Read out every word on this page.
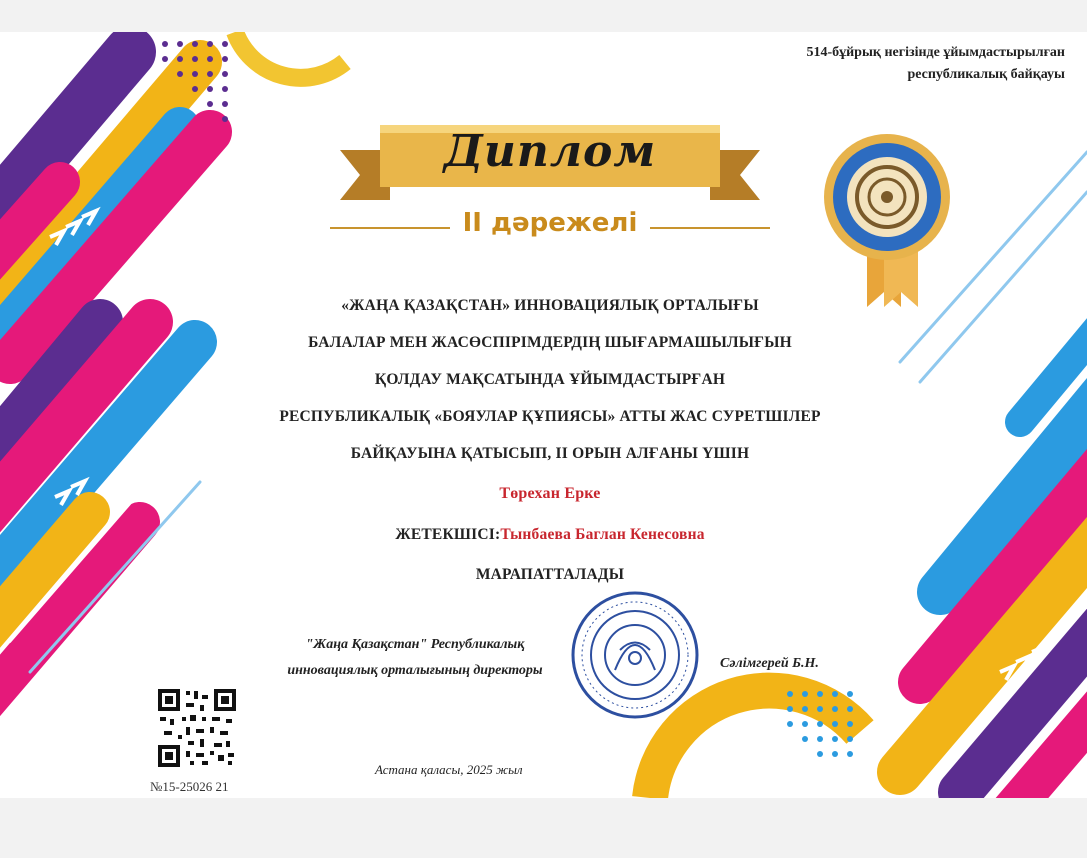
514-бұйрық негізінде ұйымдастырылған
республикалық байқауы
Диплом
ІІ дәрежелі
«ЖАҢА ҚАЗАҚСТАН» ИННОВАЦИЯЛЫҚ ОРТАЛЫҒЫ
БАЛАЛАР МЕН ЖАСӨСПІРІМДЕРДІҢ ШЫҒАРМАШЫЛЫҒЫН
ҚОЛДАУ МАҚСАТЫНДА ҰЙЫМДАСТЫРҒАН
РЕСПУБЛИКАЛЫҚ «БОЯУЛАР ҚҰПИЯСЫ» АТТЫ ЖАС СУРЕТШІЛЕР
БАЙҚАУЫНА ҚАТЫСЫП, ІІ ОРЫН АЛҒАНЫ ҮШІН
Төрехан Ерке
ЖЕТЕКШІСІ:Тынбаева Баглан Кенесовна
МАРАПАТТАЛАДЫ
"Жаңа Қазақстан" Республикалық
инновациялық орталығының директоры	Сәлімгерей Б.Н.
№15-25026 21
Астана қаласы, 2025 жыл
